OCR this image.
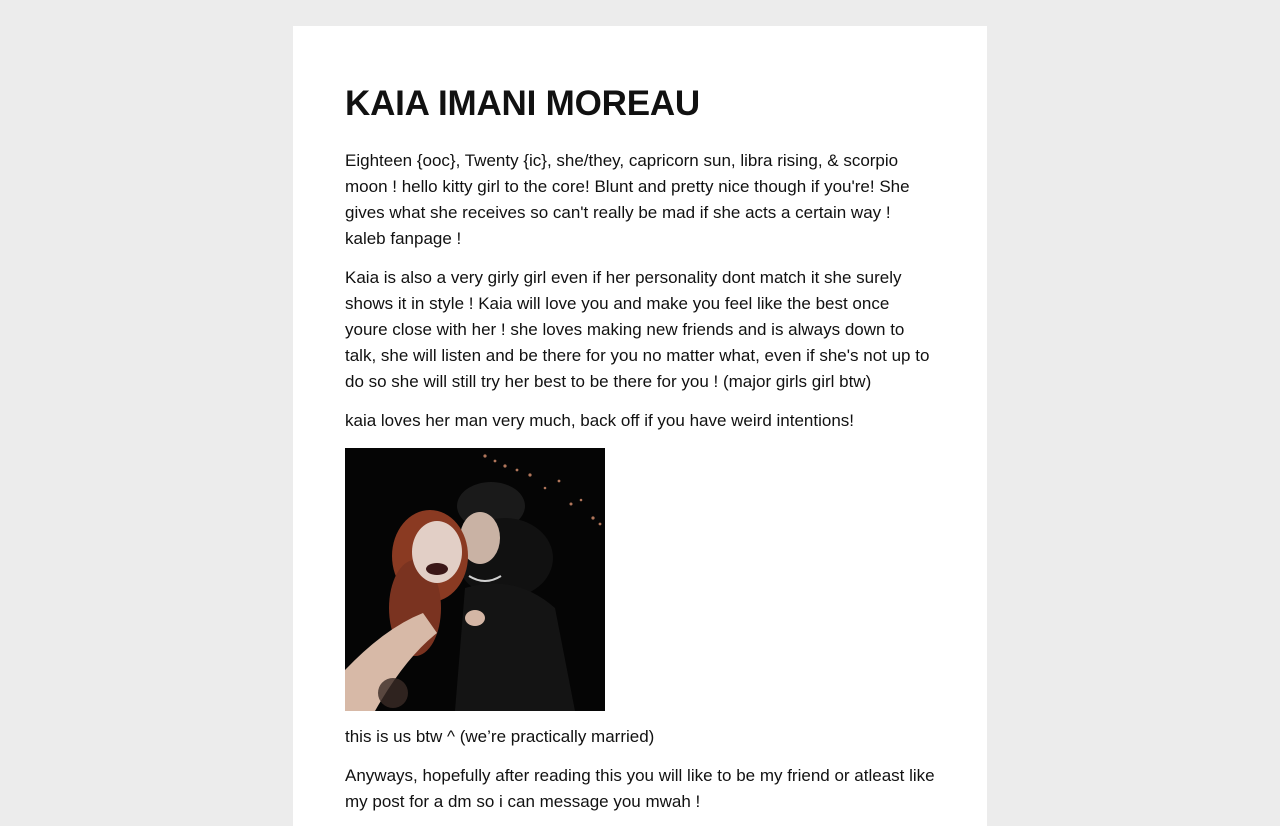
KAIA IMANI MOREAU

Eighteen {ooc}, Twenty {ic}, she/they, capricorn sun, libra rising, & scorpio moon ! hello kitty girl to the core! Blunt and pretty nice though if you're! She gives what she receives so can't really be mad if she acts a certain way ! kaleb fanpage !

Kaia is also a very girly girl even if her personality dont match it she surely shows it in style ! Kaia will love you and make you feel like the best once youre close with her ! she loves making new friends and is always down to talk, she will listen and be there for you no matter what, even if she's not up to do so she will still try her best to be there for you ! (major girls girl btw)

kaia loves her man very much, back off if you have weird intentions!

this is us btw ^ (we’re practically married)

Anyways, hopefully after reading this you will like to be my friend or atleast like my post for a dm so i can message you mwah !
